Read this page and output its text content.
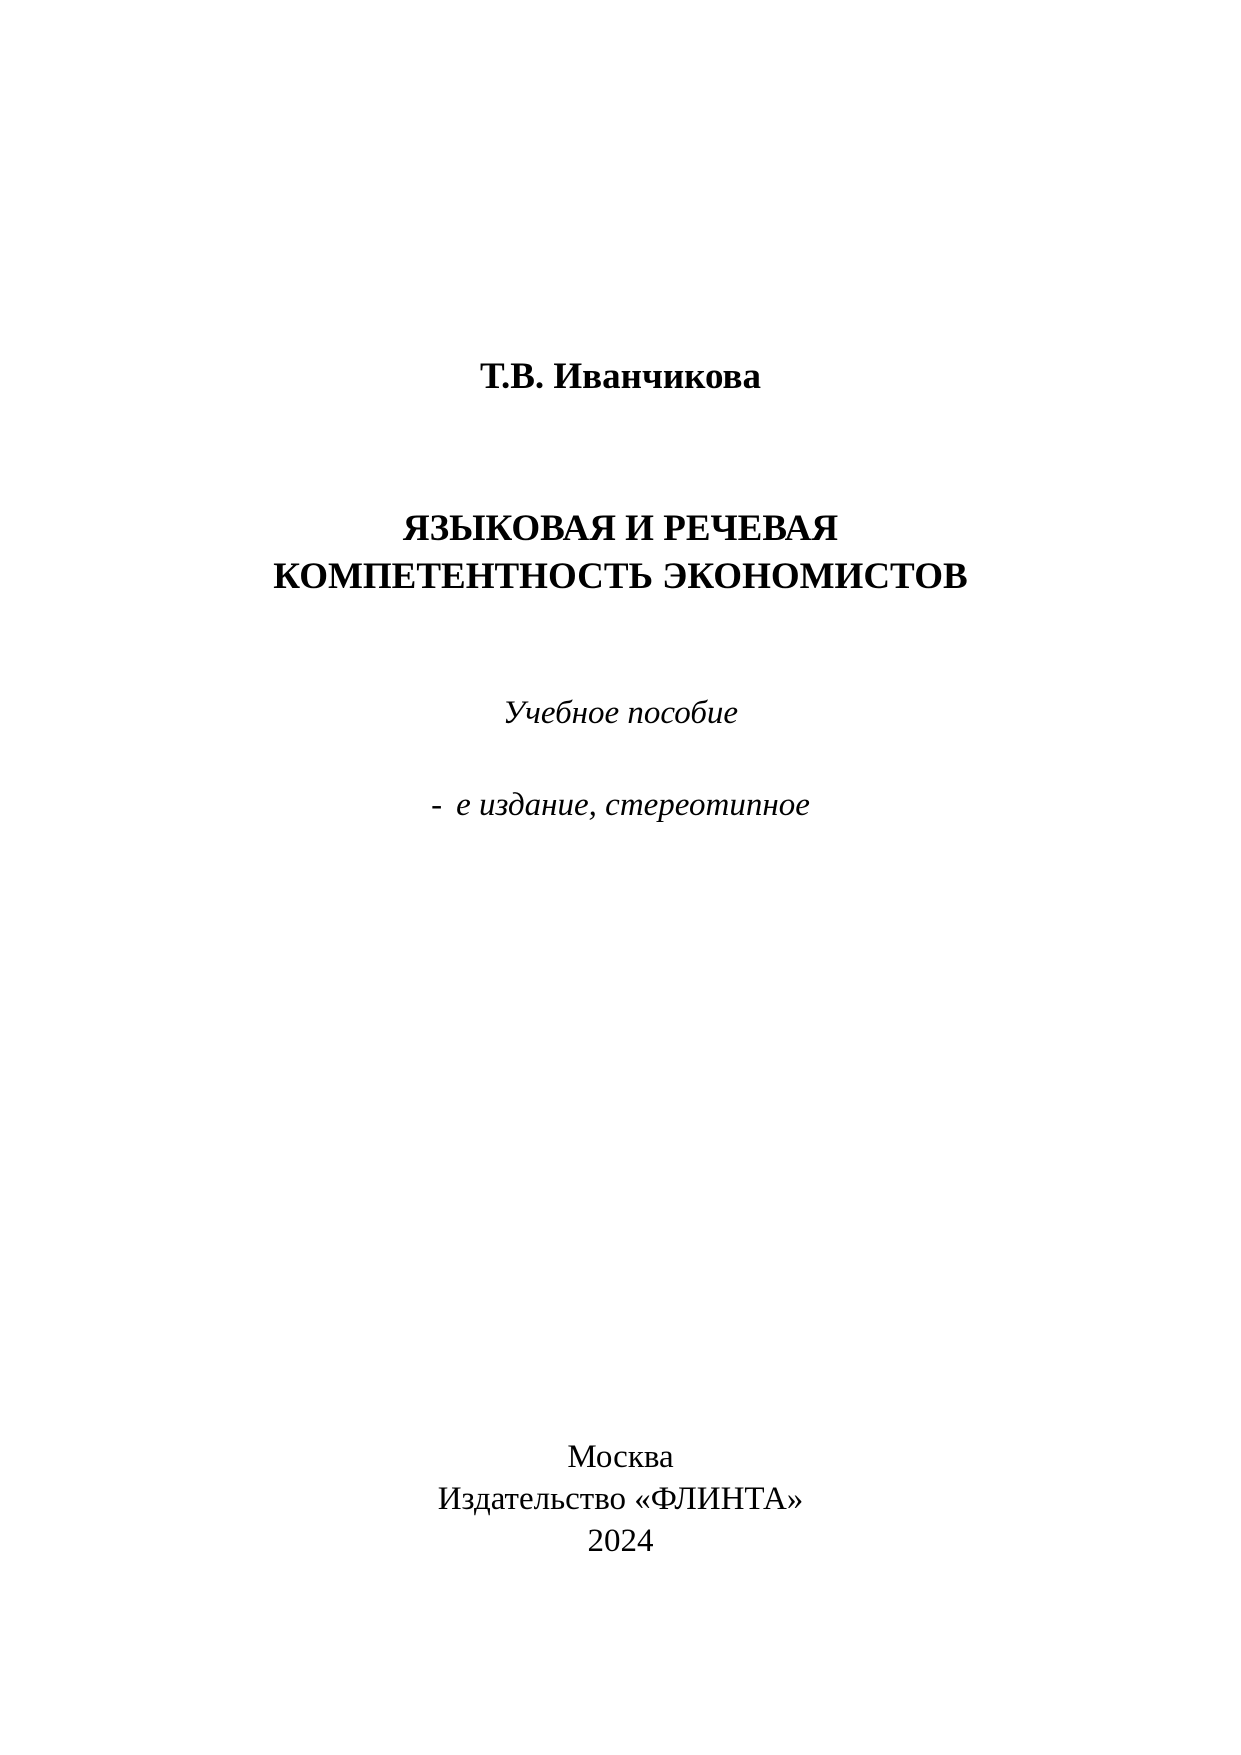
Т.В. Иванчикова
ЯЗЫКОВАЯ И РЕЧЕВАЯ
КОМПЕТЕНТНОСТЬ ЭКОНОМИСТОВ
Учебное пособие
- е издание, стереотипное
Москва
Издательство «ФЛИНТА»
2024
